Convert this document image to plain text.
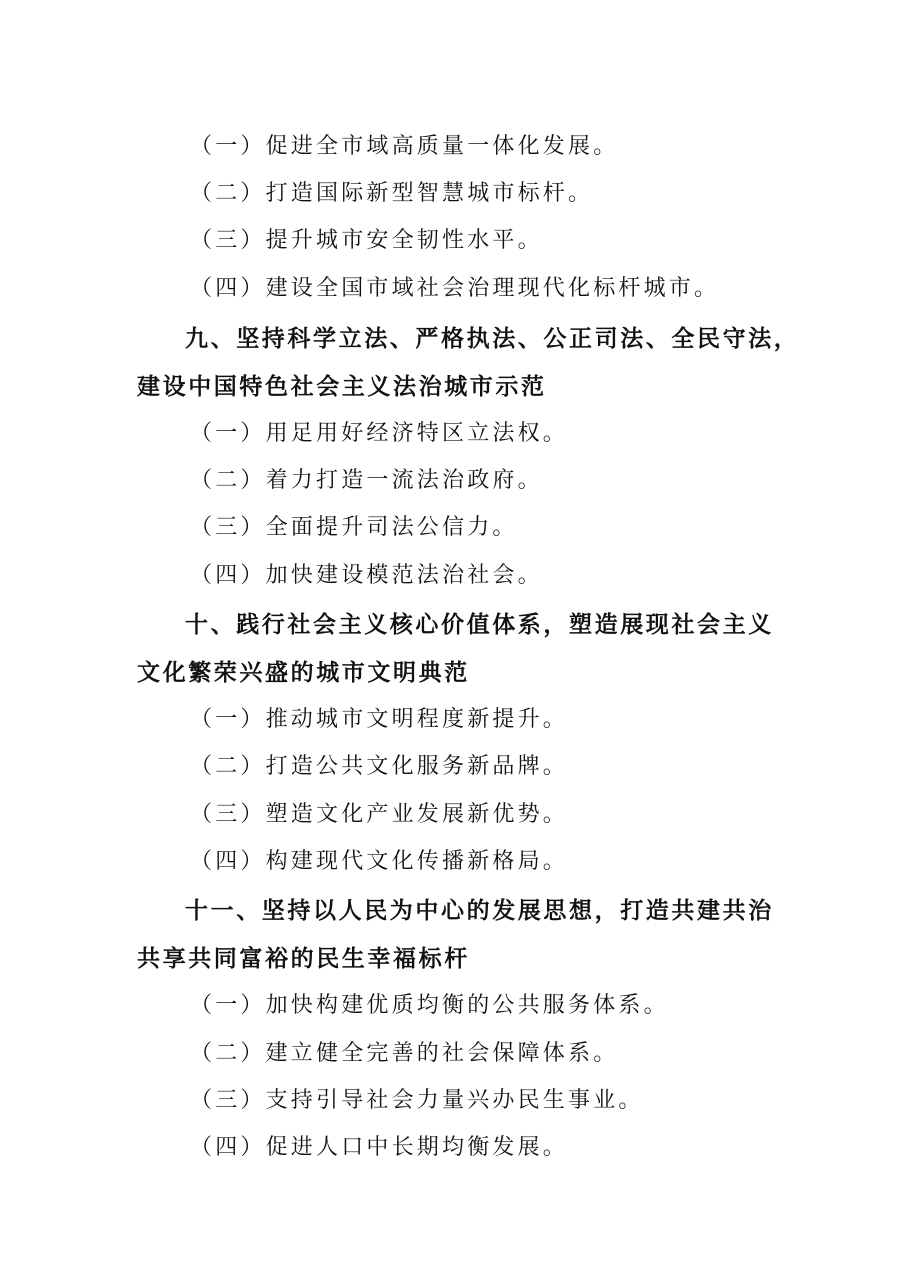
（一）促进全市域高质量一体化发展。
（二）打造国际新型智慧城市标杆。
（三）提升城市安全韧性水平。
（四）建设全国市域社会治理现代化标杆城市。
九、坚持科学立法、严格执法、公正司法、全民守法，
建设中国特色社会主义法治城市示范
（一）用足用好经济特区立法权。
（二）着力打造一流法治政府。
（三）全面提升司法公信力。
（四）加快建设模范法治社会。
十、践行社会主义核心价值体系，塑造展现社会主义
文化繁荣兴盛的城市文明典范
（一）推动城市文明程度新提升。
（二）打造公共文化服务新品牌。
（三）塑造文化产业发展新优势。
（四）构建现代文化传播新格局。
十一、坚持以人民为中心的发展思想，打造共建共治
共享共同富裕的民生幸福标杆
（一）加快构建优质均衡的公共服务体系。
（二）建立健全完善的社会保障体系。
（三）支持引导社会力量兴办民生事业。
（四）促进人口中长期均衡发展。
